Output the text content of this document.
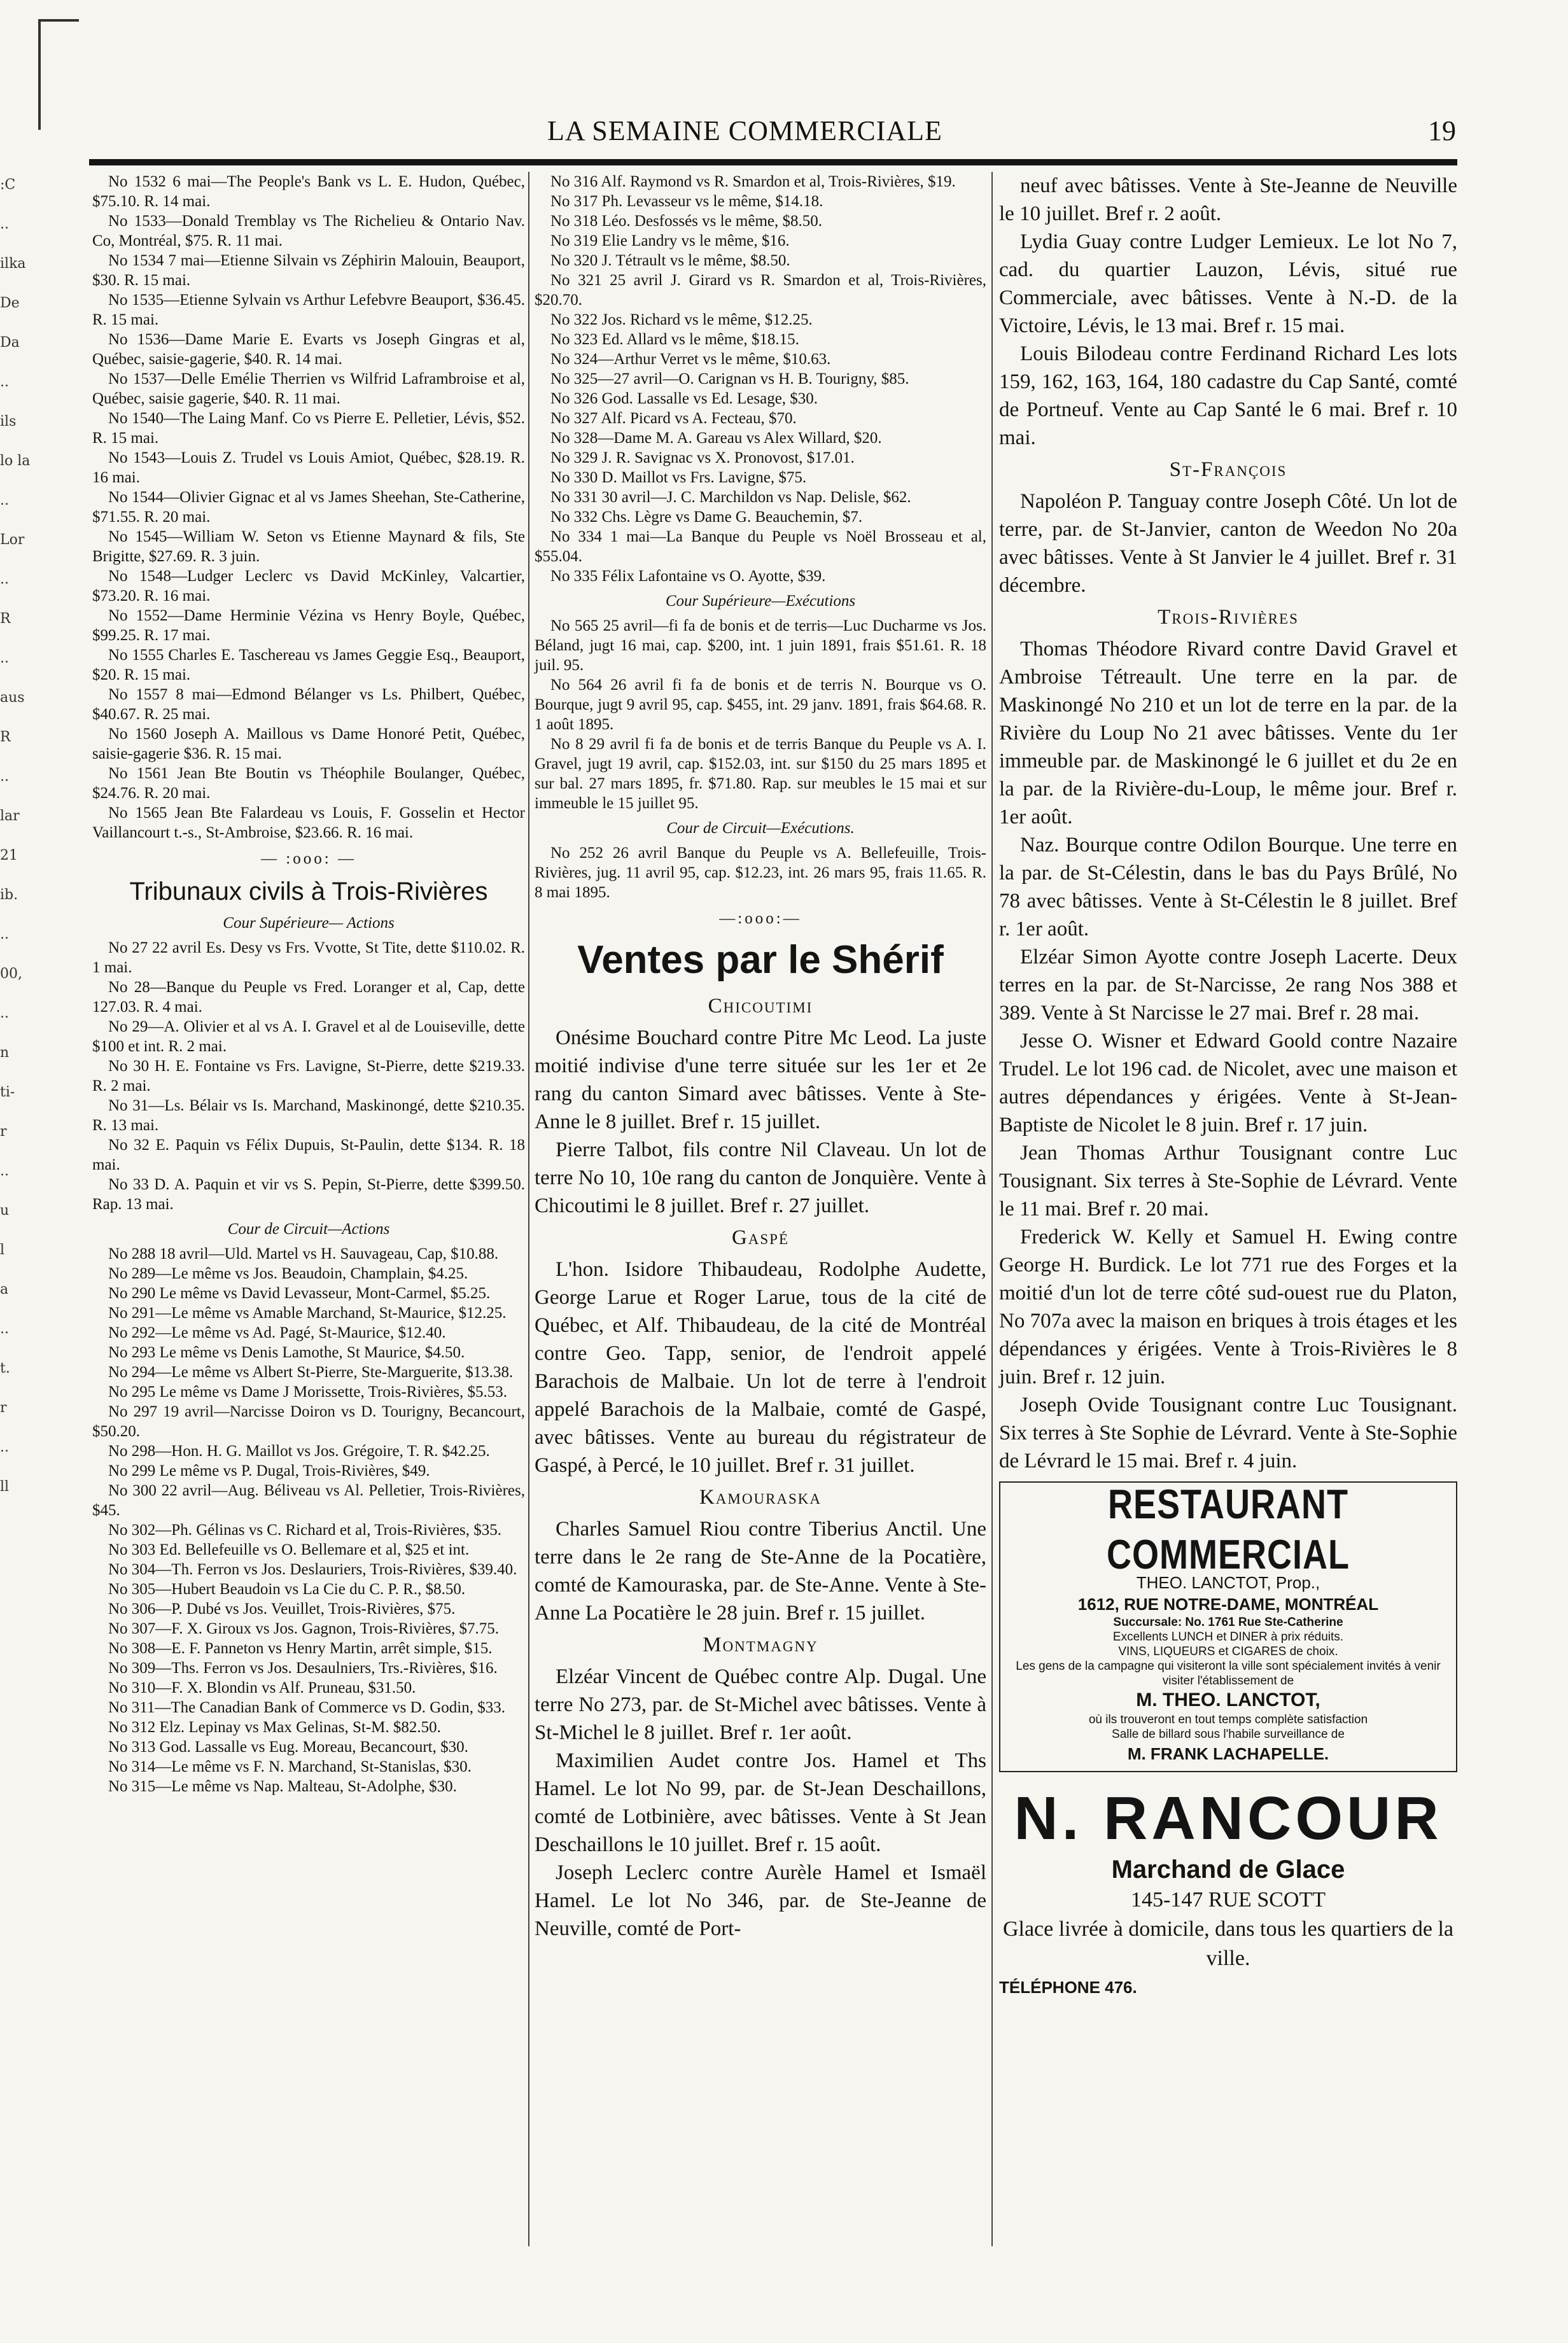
LA SEMAINE COMMERCIALE	19
:C
..
ilka
De
Da
..
ils
lo la
..
Lor
..
R
..
aus
R
..
lar
21
ib.
..
00,
..
n
ti-
r
..
u
l
a
..
t.
r
..
ll

No 1532 6 mai—The People's Bank vs L. E. Hudon, Québec, $75.10. R. 14 mai.

No 1533—Donald Tremblay vs The Richelieu & Ontario Nav. Co, Montréal, $75. R. 11 mai.

No 1534 7 mai—Etienne Silvain vs Zéphirin Malouin, Beauport, $30. R. 15 mai.

No 1535—Etienne Sylvain vs Arthur Lefebvre Beauport, $36.45. R. 15 mai.

No 1536—Dame Marie E. Evarts vs Joseph Gingras et al, Québec, saisie-gagerie, $40. R. 14 mai.

No 1537—Delle Emélie Therrien vs Wilfrid Laframbroise et al, Québec, saisie gagerie, $40. R. 11 mai.

No 1540—The Laing Manf. Co vs Pierre E. Pelletier, Lévis, $52. R. 15 mai.

No 1543—Louis Z. Trudel vs Louis Amiot, Québec, $28.19. R. 16 mai.

No 1544—Olivier Gignac et al vs James Sheehan, Ste-Catherine, $71.55. R. 20 mai.

No 1545—William W. Seton vs Etienne Maynard & fils, Ste Brigitte, $27.69. R. 3 juin.

No 1548—Ludger Leclerc vs David McKinley, Valcartier, $73.20. R. 16 mai.

No 1552—Dame Herminie Vézina vs Henry Boyle, Québec, $99.25. R. 17 mai.

No 1555 Charles E. Taschereau vs James Geggie Esq., Beauport, $20. R. 15 mai.

No 1557 8 mai—Edmond Bélanger vs Ls. Philbert, Québec, $40.67. R. 25 mai.

No 1560 Joseph A. Maillous vs Dame Honoré Petit, Québec, saisie-gagerie $36. R. 15 mai.

No 1561 Jean Bte Boutin vs Théophile Boulanger, Québec, $24.76. R. 20 mai.

No 1565 Jean Bte Falardeau vs Louis, F. Gosselin et Hector Vaillancourt t.-s., St-Ambroise, $23.66. R. 16 mai.

— :ooo: —
Tribunaux civils à Trois-Rivières
Cour Supérieure— Actions

No 27 22 avril Es. Desy vs Frs. Vvotte, St Tite, dette $110.02. R. 1 mai.

No 28—Banque du Peuple vs Fred. Loranger et al, Cap, dette 127.03. R. 4 mai.

No 29—A. Olivier et al vs A. I. Gravel et al de Louiseville, dette $100 et int. R. 2 mai.

No 30 H. E. Fontaine vs Frs. Lavigne, St-Pierre, dette $219.33. R. 2 mai.

No 31—Ls. Bélair vs Is. Marchand, Maskinongé, dette $210.35. R. 13 mai.

No 32 E. Paquin vs Félix Dupuis, St-Paulin, dette $134. R. 18 mai.

No 33 D. A. Paquin et vir vs S. Pepin, St-Pierre, dette $399.50. Rap. 13 mai.

Cour de Circuit—Actions

No 288 18 avril—Uld. Martel vs H. Sauvageau, Cap, $10.88.

No 289—Le même vs Jos. Beaudoin, Champlain, $4.25.

No 290 Le même vs David Levasseur, Mont-Carmel, $5.25.

No 291—Le même vs Amable Marchand, St-Maurice, $12.25.

No 292—Le même vs Ad. Pagé, St-Maurice, $12.40.

No 293 Le même vs Denis Lamothe, St Maurice, $4.50.

No 294—Le même vs Albert St-Pierre, Ste-Marguerite, $13.38.

No 295 Le même vs Dame J Morissette, Trois-Rivières, $5.53.

No 297 19 avril—Narcisse Doiron vs D. Tourigny, Becancourt, $50.20.

No 298—Hon. H. G. Maillot vs Jos. Grégoire, T. R. $42.25.

No 299 Le même vs P. Dugal, Trois-Rivières, $49.

No 300 22 avril—Aug. Béliveau vs Al. Pelletier, Trois-Rivières, $45.

No 302—Ph. Gélinas vs C. Richard et al, Trois-Rivières, $35.

No 303 Ed. Bellefeuille vs O. Bellemare et al, $25 et int.

No 304—Th. Ferron vs Jos. Deslauriers, Trois-Rivières, $39.40.

No 305—Hubert Beaudoin vs La Cie du C. P. R., $8.50.

No 306—P. Dubé vs Jos. Veuillet, Trois-Rivières, $75.

No 307—F. X. Giroux vs Jos. Gagnon, Trois-Rivières, $7.75.

No 308—E. F. Panneton vs Henry Martin, arrêt simple, $15.

No 309—Ths. Ferron vs Jos. Desaulniers, Trs.-Rivières, $16.

No 310—F. X. Blondin vs Alf. Pruneau, $31.50.

No 311—The Canadian Bank of Commerce vs D. Godin, $33.

No 312 Elz. Lepinay vs Max Gelinas, St-M. $82.50.

No 313 God. Lassalle vs Eug. Moreau, Becancourt, $30.

No 314—Le même vs F. N. Marchand, St-Stanislas, $30.

No 315—Le même vs Nap. Malteau, St-Adolphe, $30.

No 316 Alf. Raymond vs R. Smardon et al, Trois-Rivières, $19.

No 317 Ph. Levasseur vs le même, $14.18.

No 318 Léo. Desfossés vs le même, $8.50.

No 319 Elie Landry vs le même, $16.

No 320 J. Tétrault vs le même, $8.50.

No 321 25 avril J. Girard vs R. Smardon et al, Trois-Rivières, $20.70.

No 322 Jos. Richard vs le même, $12.25.

No 323 Ed. Allard vs le même, $18.15.

No 324—Arthur Verret vs le même, $10.63.

No 325—27 avril—O. Carignan vs H. B. Tourigny, $85.

No 326 God. Lassalle vs Ed. Lesage, $30.

No 327 Alf. Picard vs A. Fecteau, $70.

No 328—Dame M. A. Gareau vs Alex Willard, $20.

No 329 J. R. Savignac vs X. Pronovost, $17.01.

No 330 D. Maillot vs Frs. Lavigne, $75.

No 331 30 avril—J. C. Marchildon vs Nap. Delisle, $62.

No 332 Chs. Lègre vs Dame G. Beauchemin, $7.

No 334 1 mai—La Banque du Peuple vs Noël Brosseau et al, $55.04.

No 335 Félix Lafontaine vs O. Ayotte, $39.

Cour Supérieure—Exécutions

No 565 25 avril—fi fa de bonis et de terris—Luc Ducharme vs Jos. Béland, jugt 16 mai, cap. $200, int. 1 juin 1891, frais $51.61. R. 18 juil. 95.

No 564 26 avril fi fa de bonis et de terris N. Bourque vs O. Bourque, jugt 9 avril 95, cap. $455, int. 29 janv. 1891, frais $64.68. R. 1 août 1895.

No 8 29 avril fi fa de bonis et de terris Banque du Peuple vs A. I. Gravel, jugt 19 avril, cap. $152.03, int. sur $150 du 25 mars 1895 et sur bal. 27 mars 1895, fr. $71.80. Rap. sur meubles le 15 mai et sur immeuble le 15 juillet 95.

Cour de Circuit—Exécutions.

No 252 26 avril Banque du Peuple vs A. Bellefeuille, Trois-Rivières, jug. 11 avril 95, cap. $12.23, int. 26 mars 95, frais 11.65. R. 8 mai 1895.

—:ooo:—
Ventes par le Shérif
Chicoutimi

Onésime Bouchard contre Pitre Mc Leod. La juste moitié indivise d'une terre située sur les 1er et 2e rang du canton Simard avec bâtisses. Vente à Ste-Anne le 8 juillet. Bref r. 15 juillet.

Pierre Talbot, fils contre Nil Claveau. Un lot de terre No 10, 10e rang du canton de Jonquière. Vente à Chicoutimi le 8 juillet. Bref r. 27 juillet.

Gaspé

L'hon. Isidore Thibaudeau, Rodolphe Audette, George Larue et Roger Larue, tous de la cité de Québec, et Alf. Thibaudeau, de la cité de Montréal contre Geo. Tapp, senior, de l'endroit appelé Barachois de Malbaie. Un lot de terre à l'endroit appelé Barachois de la Malbaie, comté de Gaspé, avec bâtisses. Vente au bureau du régistrateur de Gaspé, à Percé, le 10 juillet. Bref r. 31 juillet.

Kamouraska

Charles Samuel Riou contre Tiberius Anctil. Une terre dans le 2e rang de Ste-Anne de la Pocatière, comté de Kamouraska, par. de Ste-Anne. Vente à Ste-Anne La Pocatière le 28 juin. Bref r. 15 juillet.

Montmagny

Elzéar Vincent de Québec contre Alp. Dugal. Une terre No 273, par. de St-Michel avec bâtisses. Vente à St-Michel le 8 juillet. Bref r. 1er août.

Maximilien Audet contre Jos. Hamel et Ths Hamel. Le lot No 99, par. de St-Jean Deschaillons, comté de Lotbinière, avec bâtisses. Vente à St Jean Deschaillons le 10 juillet. Bref r. 15 août.

Joseph Leclerc contre Aurèle Hamel et Ismaël Hamel. Le lot No 346, par. de Ste-Jeanne de Neuville, comté de Port-

neuf avec bâtisses. Vente à Ste-Jeanne de Neuville le 10 juillet. Bref r. 2 août.

Lydia Guay contre Ludger Lemieux. Le lot No 7, cad. du quartier Lauzon, Lévis, situé rue Commerciale, avec bâtisses. Vente à N.-D. de la Victoire, Lévis, le 13 mai. Bref r. 15 mai.

Louis Bilodeau contre Ferdinand Richard Les lots 159, 162, 163, 164, 180 cadastre du Cap Santé, comté de Portneuf. Vente au Cap Santé le 6 mai. Bref r. 10 mai.

St-François

Napoléon P. Tanguay contre Joseph Côté. Un lot de terre, par. de St-Janvier, canton de Weedon No 20a avec bâtisses. Vente à St Janvier le 4 juillet. Bref r. 31 décembre.

Trois-Rivières

Thomas Théodore Rivard contre David Gravel et Ambroise Tétreault. Une terre en la par. de Maskinongé No 210 et un lot de terre en la par. de la Rivière du Loup No 21 avec bâtisses. Vente du 1er immeuble par. de Maskinongé le 6 juillet et du 2e en la par. de la Rivière-du-Loup, le même jour. Bref r. 1er août.

Naz. Bourque contre Odilon Bourque. Une terre en la par. de St-Célestin, dans le bas du Pays Brûlé, No 78 avec bâtisses. Vente à St-Célestin le 8 juillet. Bref r. 1er août.

Elzéar Simon Ayotte contre Joseph Lacerte. Deux terres en la par. de St-Narcisse, 2e rang Nos 388 et 389. Vente à St Narcisse le 27 mai. Bref r. 28 mai.

Jesse O. Wisner et Edward Goold contre Nazaire Trudel. Le lot 196 cad. de Nicolet, avec une maison et autres dépendances y érigées. Vente à St-Jean-Baptiste de Nicolet le 8 juin. Bref r. 17 juin.

Jean Thomas Arthur Tousignant contre Luc Tousignant. Six terres à Ste-Sophie de Lévrard. Vente le 11 mai. Bref r. 20 mai.

Frederick W. Kelly et Samuel H. Ewing contre George H. Burdick. Le lot 771 rue des Forges et la moitié d'un lot de terre côté sud-ouest rue du Platon, No 707a avec la maison en briques à trois étages et les dépendances y érigées. Vente à Trois-Rivières le 8 juin. Bref r. 12 juin.

Joseph Ovide Tousignant contre Luc Tousignant. Six terres à Ste Sophie de Lévrard. Vente à Ste-Sophie de Lévrard le 15 mai. Bref r. 4 juin.

RESTAURANT COMMERCIAL
THEO. LANCTOT, Prop.,
1612, RUE NOTRE-DAME, MONTRÉAL
Succursale: No. 1761 Rue Ste-Catherine
Excellents LUNCH et DINER à prix réduits.
VINS, LIQUEURS et CIGARES de choix.
Les gens de la campagne qui visiteront la ville sont spécialement invités à venir visiter l'établissement de
M. THEO. LANCTOT,
où ils trouveront en tout temps complète satisfaction
Salle de billard sous l'habile surveillance de
M. FRANK LACHAPELLE.
N. RANCOUR
Marchand de Glace
145-147 RUE SCOTT
Glace livrée à domicile, dans tous les quartiers de la ville.
TÉLÉPHONE 476.
